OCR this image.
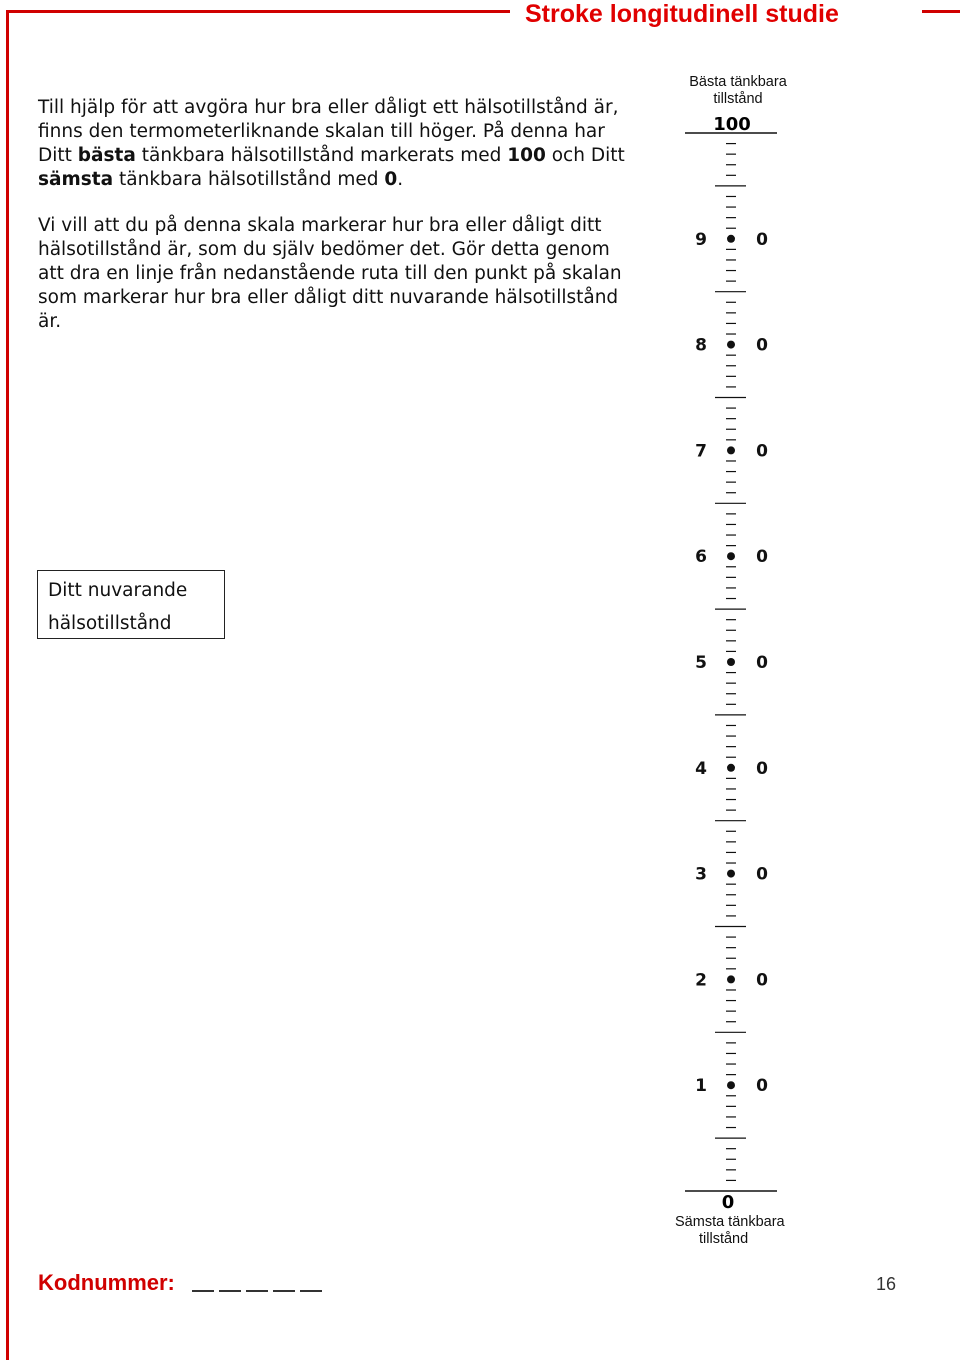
Stroke longitudinell studie

Till hjälp för att avgöra hur bra eller dåligt ett hälsotillstånd är, finns den termometerliknande skalan till höger. På denna har Ditt bästa tänkbara hälsotillstånd markerats med 100 och Ditt sämsta tänkbara hälsotillstånd med 0.

Vi vill att du på denna skala markerar hur bra eller dåligt ditt hälsotillstånd är, som du själv bedömer det. Gör detta genom att dra en linje från nedanstående ruta till den punkt på skalan som markerar hur bra eller dåligt ditt nuvarande hälsotillstånd är.

Ditt nuvarande
hälsotillstånd
Bästa tänkbara tillstånd
100
9	0
8	0
7	0
6	0
5	0
4	0
3	0
2	0
1	0
0
Sämsta tänkbara
tillstånd
Kodnummer:	16
